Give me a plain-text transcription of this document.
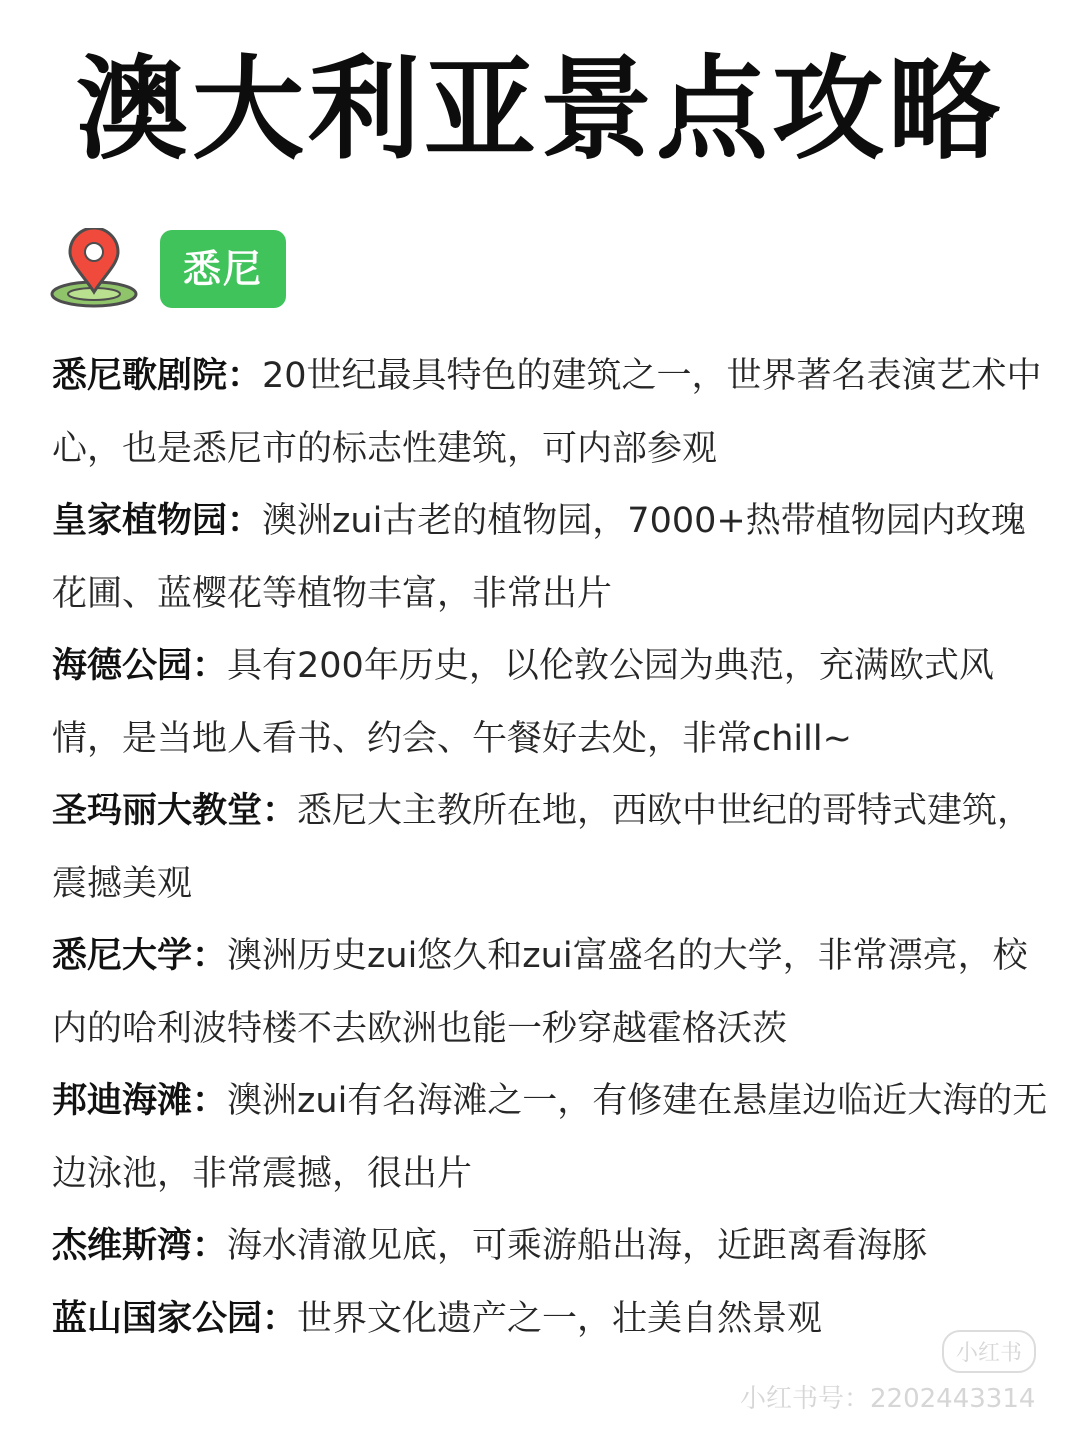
澳大利亚景点攻略
悉尼

悉尼歌剧院：20世纪最具特色的建筑之一，世界著名表演艺术中心，也是悉尼市的标志性建筑，可内部参观

皇家植物园：澳洲zui古老的植物园，7000+热带植物园内玫瑰花圃、蓝樱花等植物丰富，非常出片

海德公园：具有200年历史，以伦敦公园为典范，充满欧式风情，是当地人看书、约会、午餐好去处，非常chill~

圣玛丽大教堂：悉尼大主教所在地，西欧中世纪的哥特式建筑，震撼美观

悉尼大学：澳洲历史zui悠久和zui富盛名的大学，非常漂亮，校内的哈利波特楼不去欧洲也能一秒穿越霍格沃茨

邦迪海滩：澳洲zui有名海滩之一，有修建在悬崖边临近大海的无边泳池，非常震撼，很出片

杰维斯湾：海水清澈见底，可乘游船出海，近距离看海豚

蓝山国家公园：世界文化遗产之一，壮美自然景观

小红书
小红书号：2202443314
